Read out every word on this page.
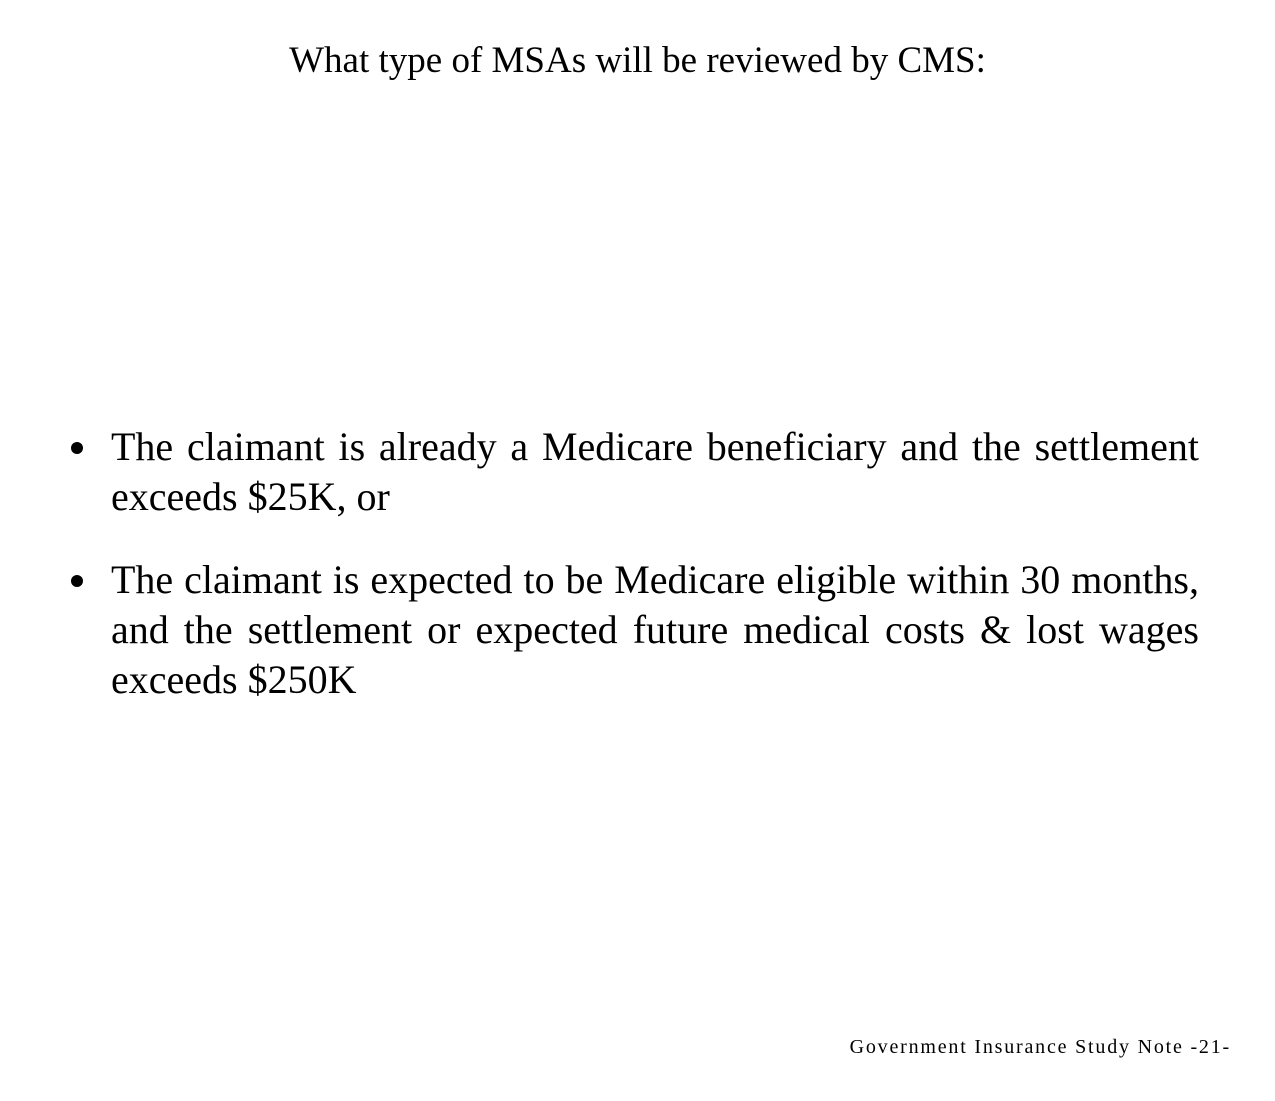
What type of MSAs will be reviewed by CMS:
The claimant is already a Medicare beneficiary and the settlement exceeds $25K, or
The claimant is expected to be Medicare eligible within 30 months, and the settlement or expected future medical costs & lost wages exceeds $250K
Government Insurance Study Note -21-
